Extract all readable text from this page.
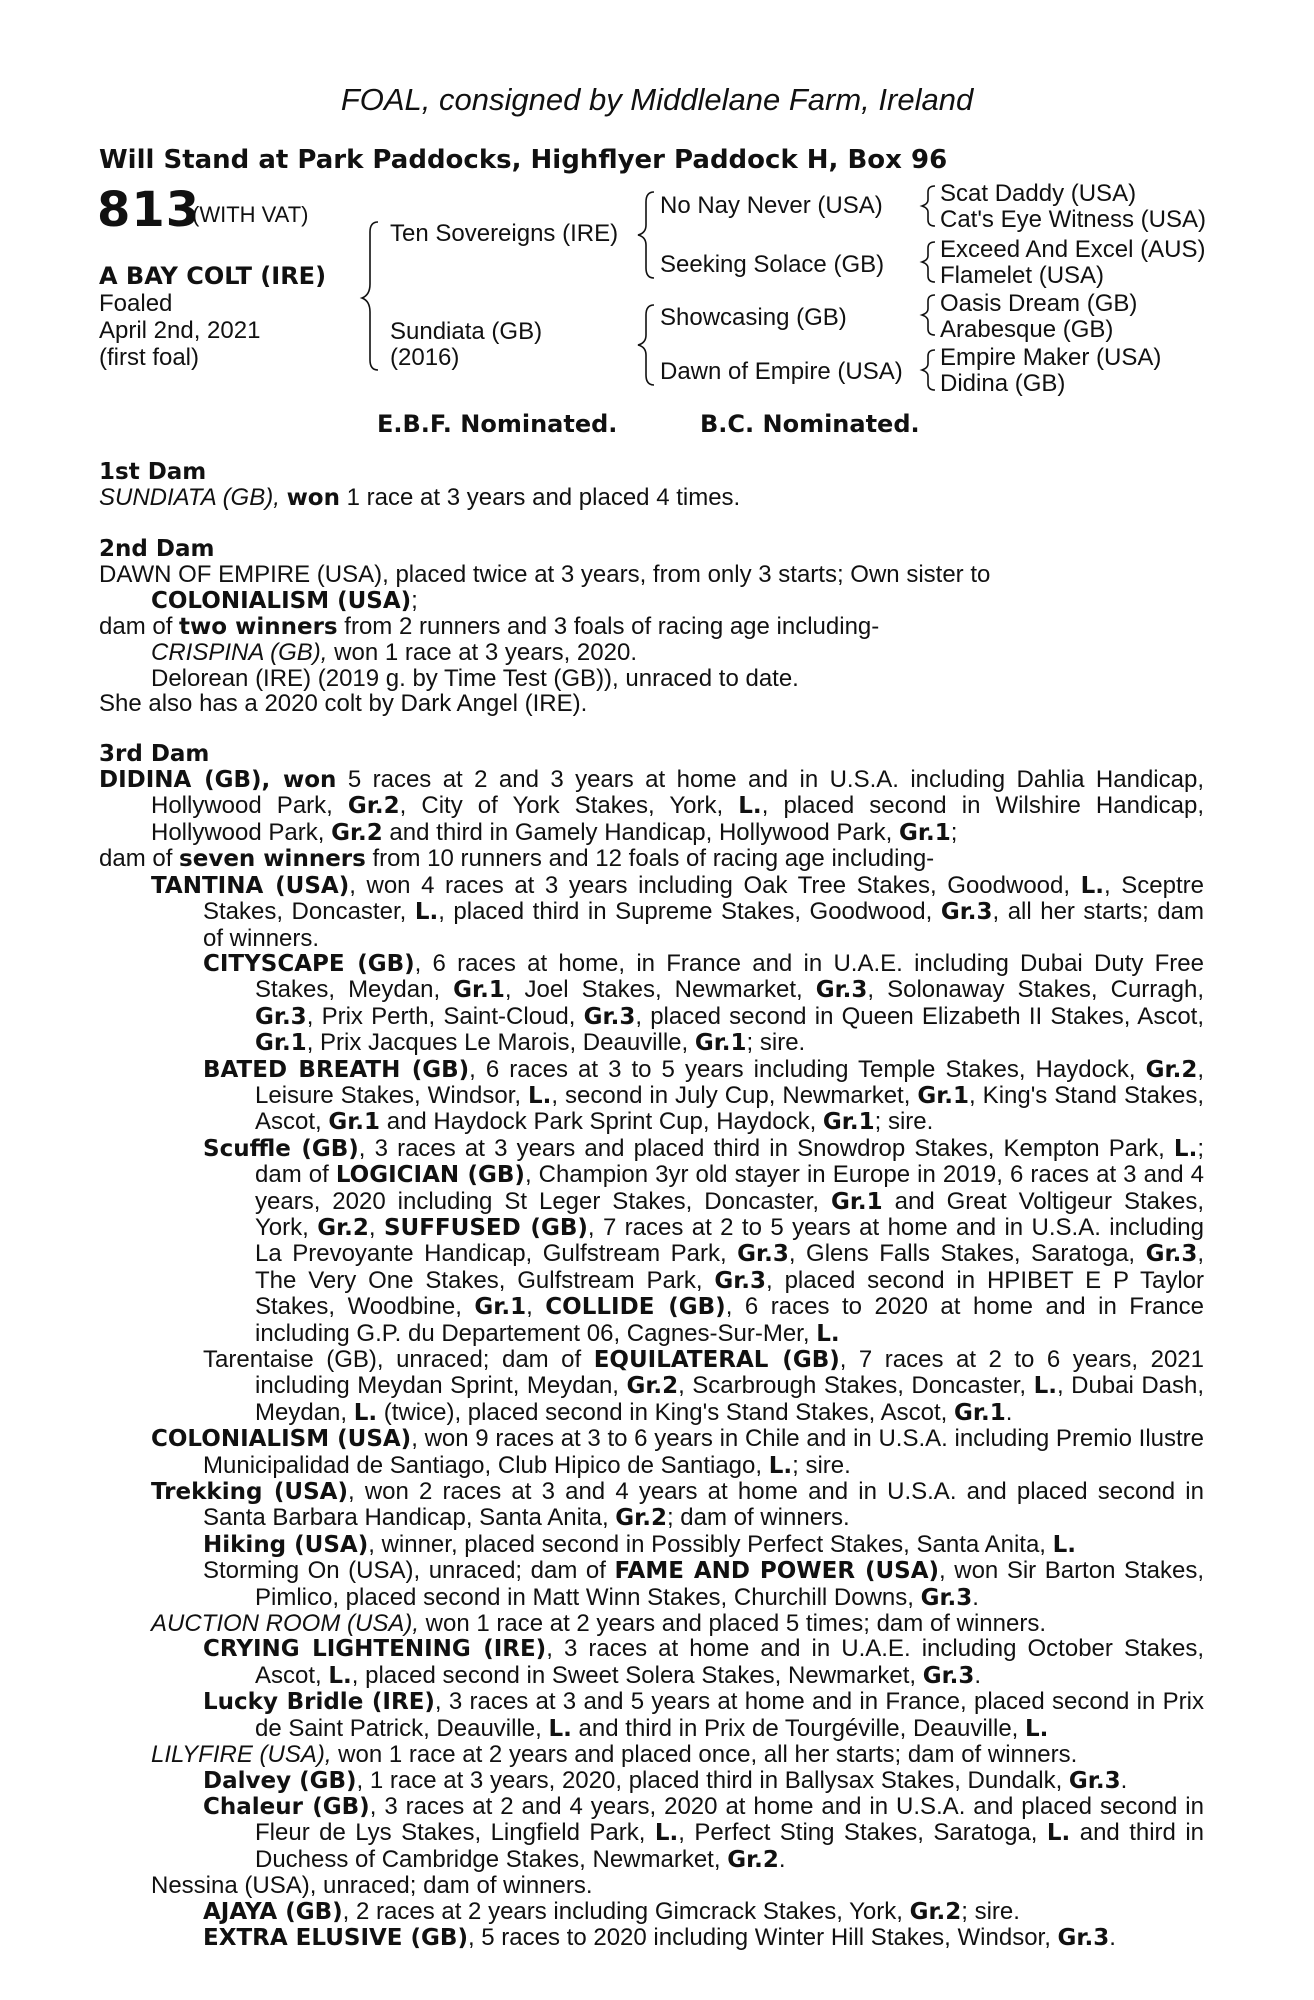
FOAL, consigned by Middlelane Farm, Ireland
Will Stand at Park Paddocks, Highflyer Paddock H, Box 96
813
(WITH VAT)
A BAY COLT (IRE)
Foaled
April 2nd, 2021
(first foal)
Ten Sovereigns (IRE)
Sundiata (GB)
(2016)
No Nay Never (USA)
Seeking Solace (GB)
Showcasing (GB)
Dawn of Empire (USA)
Scat Daddy (USA)
Cat's Eye Witness (USA)
Exceed And Excel (AUS)
Flamelet (USA)
Oasis Dream (GB)
Arabesque (GB)
Empire Maker (USA)
Didina (GB)
E.B.F. Nominated.	B.C. Nominated.
1st Dam
SUNDIATA (GB), won 1 race at 3 years and placed 4 times.
2nd Dam
DAWN OF EMPIRE (USA), placed twice at 3 years, from only 3 starts; Own sister to
COLONIALISM (USA);
dam of two winners from 2 runners and 3 foals of racing age including-
CRISPINA (GB), won 1 race at 3 years, 2020.
Delorean (IRE) (2019 g. by Time Test (GB)), unraced to date.
She also has a 2020 colt by Dark Angel (IRE).
3rd Dam
DIDINA (GB), won 5 races at 2 and 3 years at home and in U.S.A. including Dahlia Handicap, Hollywood Park, Gr.2, City of York Stakes, York, L., placed second in Wilshire Handicap, Hollywood Park, Gr.2 and third in Gamely Handicap, Hollywood Park, Gr.1;
dam of seven winners from 10 runners and 12 foals of racing age including-
TANTINA (USA), won 4 races at 3 years including Oak Tree Stakes, Goodwood, L., Sceptre Stakes, Doncaster, L., placed third in Supreme Stakes, Goodwood, Gr.3, all her starts; dam of winners.
CITYSCAPE (GB), 6 races at home, in France and in U.A.E. including Dubai Duty Free Stakes, Meydan, Gr.1, Joel Stakes, Newmarket, Gr.3, Solonaway Stakes, Curragh, Gr.3, Prix Perth, Saint-Cloud, Gr.3, placed second in Queen Elizabeth II Stakes, Ascot, Gr.1, Prix Jacques Le Marois, Deauville, Gr.1; sire.
BATED BREATH (GB), 6 races at 3 to 5 years including Temple Stakes, Haydock, Gr.2, Leisure Stakes, Windsor, L., second in July Cup, Newmarket, Gr.1, King's Stand Stakes, Ascot, Gr.1 and Haydock Park Sprint Cup, Haydock, Gr.1; sire.
Scuffle (GB), 3 races at 3 years and placed third in Snowdrop Stakes, Kempton Park, L.; dam of LOGICIAN (GB), Champion 3yr old stayer in Europe in 2019, 6 races at 3 and 4 years, 2020 including St Leger Stakes, Doncaster, Gr.1 and Great Voltigeur Stakes, York, Gr.2, SUFFUSED (GB), 7 races at 2 to 5 years at home and in U.S.A. including La Prevoyante Handicap, Gulfstream Park, Gr.3, Glens Falls Stakes, Saratoga, Gr.3, The Very One Stakes, Gulfstream Park, Gr.3, placed second in HPIBET E P Taylor Stakes, Woodbine, Gr.1, COLLIDE (GB), 6 races to 2020 at home and in France including G.P. du Departement 06, Cagnes-Sur-Mer, L.
Tarentaise (GB), unraced; dam of EQUILATERAL (GB), 7 races at 2 to 6 years, 2021 including Meydan Sprint, Meydan, Gr.2, Scarbrough Stakes, Doncaster, L., Dubai Dash, Meydan, L. (twice), placed second in King's Stand Stakes, Ascot, Gr.1.
COLONIALISM (USA), won 9 races at 3 to 6 years in Chile and in U.S.A. including Premio Ilustre Municipalidad de Santiago, Club Hipico de Santiago, L.; sire.
Trekking (USA), won 2 races at 3 and 4 years at home and in U.S.A. and placed second in Santa Barbara Handicap, Santa Anita, Gr.2; dam of winners.
Hiking (USA), winner, placed second in Possibly Perfect Stakes, Santa Anita, L.
Storming On (USA), unraced; dam of FAME AND POWER (USA), won Sir Barton Stakes, Pimlico, placed second in Matt Winn Stakes, Churchill Downs, Gr.3.
AUCTION ROOM (USA), won 1 race at 2 years and placed 5 times; dam of winners.
CRYING LIGHTENING (IRE), 3 races at home and in U.A.E. including October Stakes, Ascot, L., placed second in Sweet Solera Stakes, Newmarket, Gr.3.
Lucky Bridle (IRE), 3 races at 3 and 5 years at home and in France, placed second in Prix de Saint Patrick, Deauville, L. and third in Prix de Tourgéville, Deauville, L.
LILYFIRE (USA), won 1 race at 2 years and placed once, all her starts; dam of winners.
Dalvey (GB), 1 race at 3 years, 2020, placed third in Ballysax Stakes, Dundalk, Gr.3.
Chaleur (GB), 3 races at 2 and 4 years, 2020 at home and in U.S.A. and placed second in Fleur de Lys Stakes, Lingfield Park, L., Perfect Sting Stakes, Saratoga, L. and third in Duchess of Cambridge Stakes, Newmarket, Gr.2.
Nessina (USA), unraced; dam of winners.
AJAYA (GB), 2 races at 2 years including Gimcrack Stakes, York, Gr.2; sire.
EXTRA ELUSIVE (GB), 5 races to 2020 including Winter Hill Stakes, Windsor, Gr.3.
